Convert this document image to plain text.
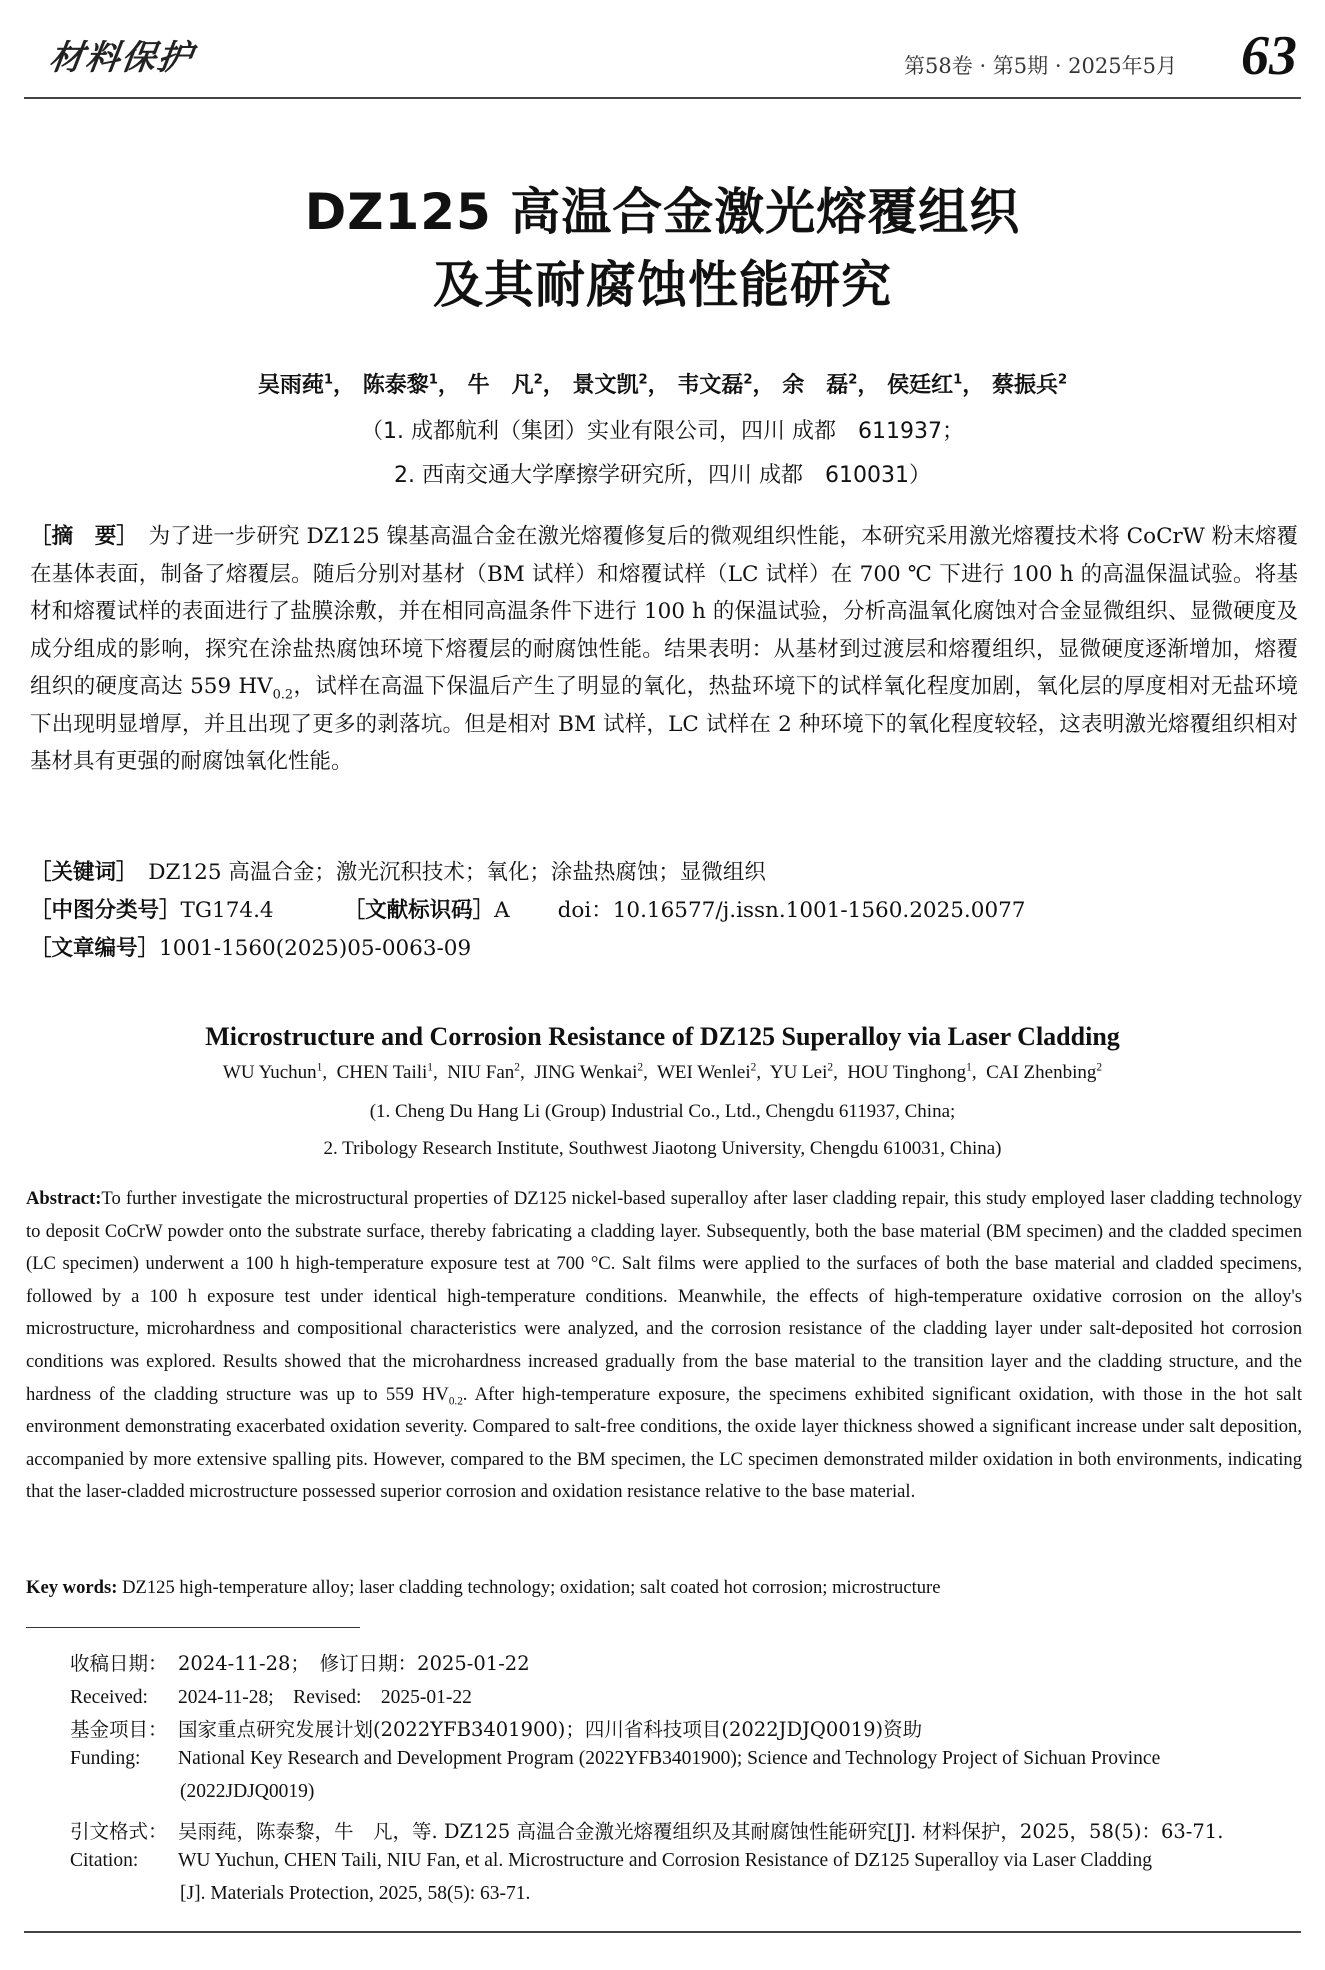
材料保护	第58卷 · 第5期 · 2025年5月 63
DZ125 高温合金激光熔覆组织
及其耐腐蚀性能研究
吴雨莼$^1$， 陈泰黎$^1$， 牛　凡$^2$， 景文凯$^2$， 韦文磊$^2$， 余　磊$^2$， 侯廷红$^1$， 蔡振兵$^2$
（1. 成都航利（集团）实业有限公司，四川 成都　611937；
2. 西南交通大学摩擦学研究所，四川 成都　610031）
［摘　要］　 为了进一步研究 DZ125 镍基高温合金在激光熔覆修复后的微观组织性能，本研究采用激光熔覆技术将 CoCrW 粉末熔覆在基体表面，制备了熔覆层。随后分别对基材（BM 试样）和熔覆试样（LC 试样）在 700 ℃ 下进行 100 h 的高温保温试验。将基材和熔覆试样的表面进行了盐膜涂敷，并在相同高温条件下进行 100 h 的保温试验，分析高温氧化腐蚀对合金显微组织、显微硬度及成分组成的影响，探究在涂盐热腐蚀环境下熔覆层的耐腐蚀性能。结果表明：从基材到过渡层和熔覆组织，显微硬度逐渐增加，熔覆组织的硬度高达 559 $HV_{0.2}$，试样在高温下保温后产生了明显的氧化，热盐环境下的试样氧化程度加剧，氧化层的厚度相对无盐环境下出现明显增厚，并且出现了更多的剥落坑。但是相对 BM 试样，LC 试样在 2 种环境下的氧化程度较轻，这表明激光熔覆组织相对基材具有更强的耐腐蚀氧化性能。
［关键词］　 DZ125 高温合金；激光沉积技术；氧化；涂盐热腐蚀；显微组织
［中图分类号］TG174.4	［文献标识码］A doi：10.16577/j.issn.1001-1560.2025.0077
［文章编号］1001-1560(2025)05-0063-09
Microstructure and Corrosion Resistance of DZ125 Superalloy via Laser Cladding
WU Yuchun$^1$,  CHEN Taili$^1$,  NIU Fan$^2$,  JING Wenkai$^2$,  WEI Wenlei$^2$,  YU Lei$^2$,  HOU Tinghong$^1$,  CAI Zhenbing$^2$
(1. Cheng Du Hang Li (Group) Industrial Co., Ltd., Chengdu 611937, China;
2. Tribology Research Institute, Southwest Jiaotong University, Chengdu 610031, China)
Abstract:To further investigate the microstructural properties of DZ125 nickel-based superalloy after laser cladding repair, this study employed laser cladding technology to deposit CoCrW powder onto the substrate surface, thereby fabricating a cladding layer. Subsequently, both the base material (BM specimen) and the cladded specimen (LC specimen) underwent a 100 h high-temperature exposure test at 700 °C. Salt films were applied to the surfaces of both the base material and cladded specimens, followed by a 100 h exposure test under identical high-temperature conditions. Meanwhile, the effects of high-temperature oxidative corrosion on the alloy's microstructure, microhardness and compositional characteristics were analyzed, and the corrosion resistance of the cladding layer under salt-deposited hot corrosion conditions was explored. Results showed that the microhardness increased gradually from the base material to the transition layer and the cladding structure, and the hardness of the cladding structure was up to 559 $HV_{0.2}$. After high-temperature exposure, the specimens exhibited significant oxidation, with those in the hot salt environment demonstrating exacerbated oxidation severity. Compared to salt-free conditions, the oxide layer thickness showed a significant increase under salt deposition, accompanied by more extensive spalling pits. However, compared to the BM specimen, the LC specimen demonstrated milder oxidation in both environments, indicating that the laser-cladded microstructure possessed superior corrosion and oxidation resistance relative to the base material.
Key words: DZ125 high-temperature alloy; laser cladding technology; oxidation; salt coated hot corrosion; microstructure
收稿日期： 2024-11-28；　修订日期：2025-01-22
Received: 2024-11-28;　Revised:　2025-01-22
基金项目： 国家重点研究发展计划(2022YFB3401900)；四川省科技项目(2022JDJQ0019)资助
Funding: National Key Research and Development Program (2022YFB3401900); Science and Technology Project of Sichuan Province
(2022JDJQ0019)
引文格式： 吴雨莼，陈泰黎，牛　凡，等. DZ125 高温合金激光熔覆组织及其耐腐蚀性能研究[J]. 材料保护，2025，58(5)：63-71.
Citation: WU Yuchun, CHEN Taili, NIU Fan, et al. Microstructure and Corrosion Resistance of DZ125 Superalloy via Laser Cladding
[J]. Materials Protection, 2025, 58(5): 63-71.
